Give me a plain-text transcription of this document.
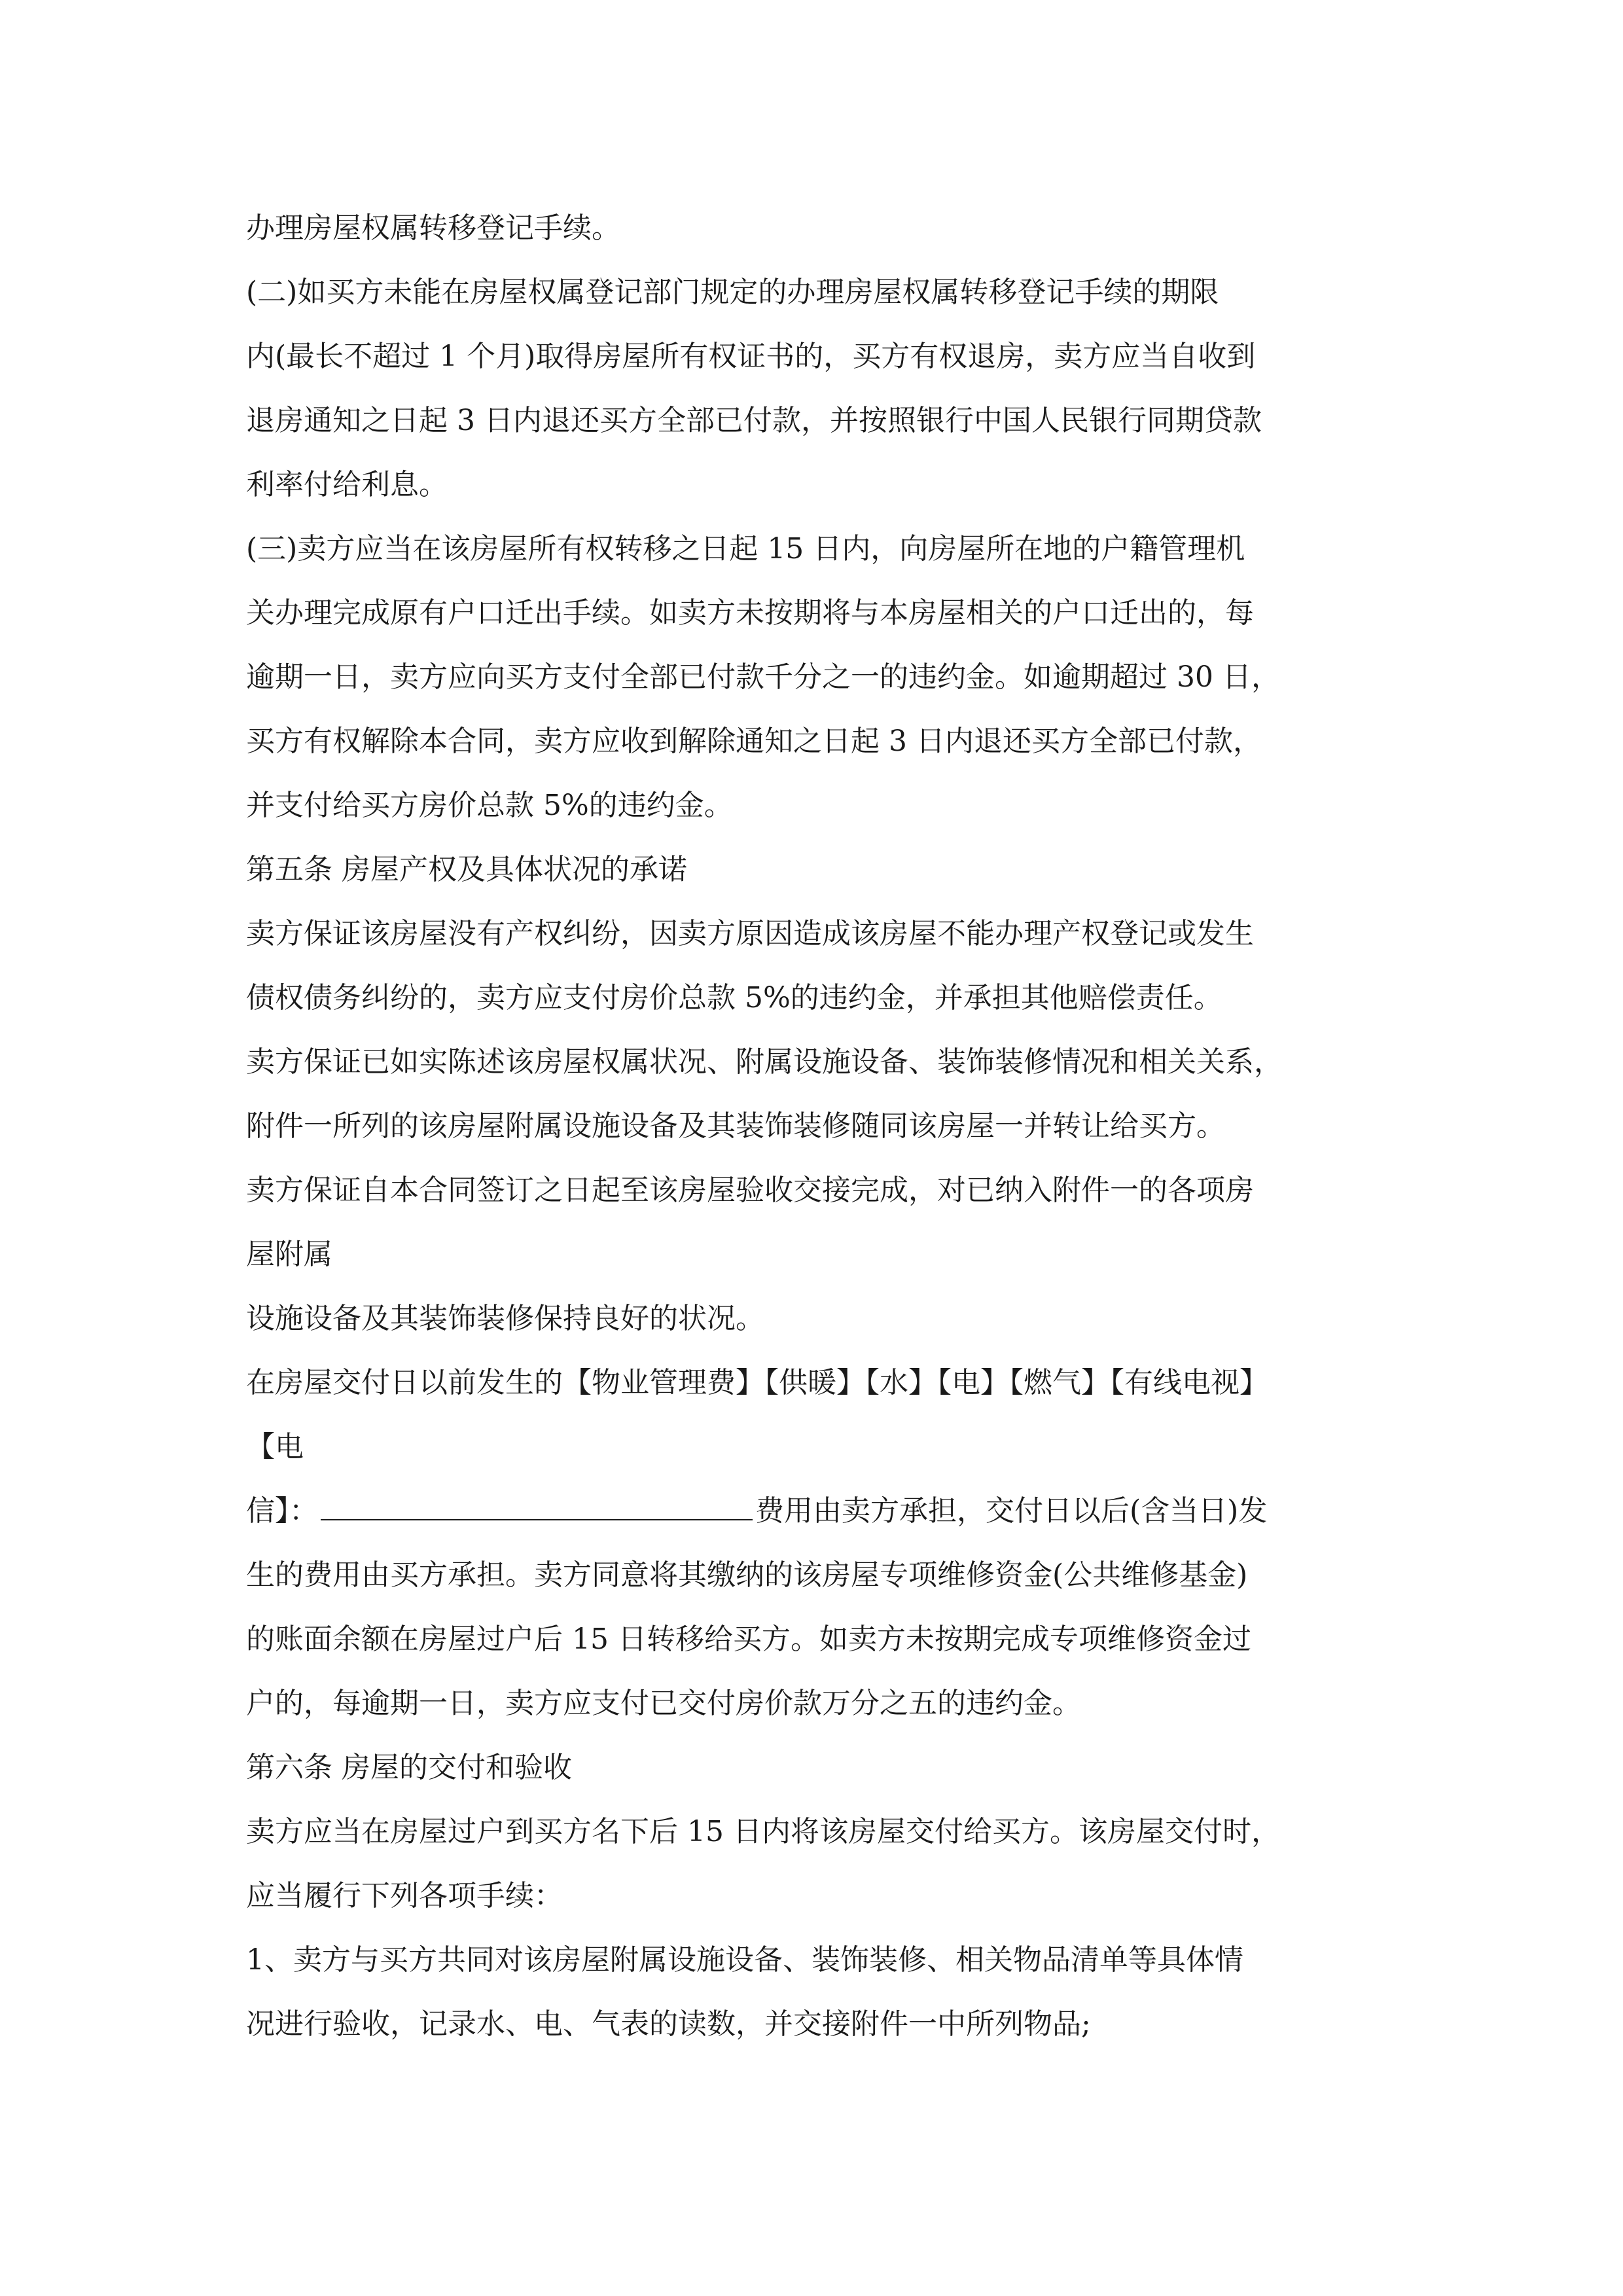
办理房屋权属转移登记手续。
(二)如买方未能在房屋权属登记部门规定的办理房屋权属转移登记手续的期限
内(最长不超过 1 个月)取得房屋所有权证书的，买方有权退房，卖方应当自收到
退房通知之日起 3 日内退还买方全部已付款，并按照银行中国人民银行同期贷款
利率付给利息。
(三)卖方应当在该房屋所有权转移之日起 15 日内，向房屋所在地的户籍管理机
关办理完成原有户口迁出手续。如卖方未按期将与本房屋相关的户口迁出的，每
逾期一日，卖方应向买方支付全部已付款千分之一的违约金。如逾期超过 30 日，
买方有权解除本合同，卖方应收到解除通知之日起 3 日内退还买方全部已付款，
并支付给买方房价总款 5%的违约金。
第五条 房屋产权及具体状况的承诺
卖方保证该房屋没有产权纠纷，因卖方原因造成该房屋不能办理产权登记或发生
债权债务纠纷的，卖方应支付房价总款 5%的违约金，并承担其他赔偿责任。
卖方保证已如实陈述该房屋权属状况、附属设施设备、装饰装修情况和相关关系，
附件一所列的该房屋附属设施设备及其装饰装修随同该房屋一并转让给买方。
卖方保证自本合同签订之日起至该房屋验收交接完成，对已纳入附件一的各项房
屋附属
设施设备及其装饰装修保持良好的状况。
在房屋交付日以前发生的【物业管理费】【供暖】【水】【电】【燃气】【有线电视】
【电
信】：	费用由卖方承担，交付日以后(含当日)发
生的费用由买方承担。卖方同意将其缴纳的该房屋专项维修资金(公共维修基金)
的账面余额在房屋过户后 15 日转移给买方。如卖方未按期完成专项维修资金过
户的，每逾期一日，卖方应支付已交付房价款万分之五的违约金。
第六条 房屋的交付和验收
卖方应当在房屋过户到买方名下后 15 日内将该房屋交付给买方。该房屋交付时，
应当履行下列各项手续：
1、卖方与买方共同对该房屋附属设施设备、装饰装修、相关物品清单等具体情
况进行验收，记录水、电、气表的读数，并交接附件一中所列物品;
